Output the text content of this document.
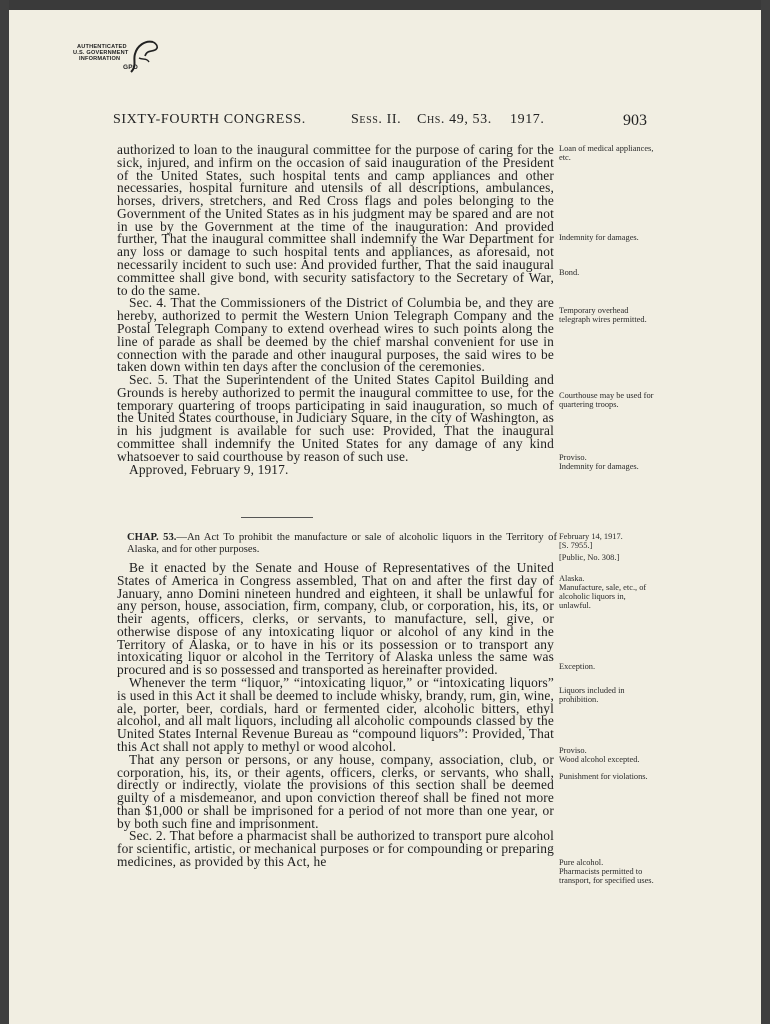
AUTHENTICATED
U.S. GOVERNMENT
INFORMATION
GPO
SIXTY-FOURTH CONGRESS.	Sess. II. Chs. 49, 53. 1917.	903

authorized to loan to the inaugural committee for the purpose of caring for the sick, injured, and infirm on the occasion of said inauguration of the President of the United States, such hospital tents and camp appliances and other necessaries, hospital furniture and utensils of all descriptions, ambulances, horses, drivers, stretchers, and Red Cross flags and poles belonging to the Government of the United States as in his judgment may be spared and are not in use by the Government at the time of the inauguration: And provided further, That the inaugural committee shall indemnify the War Department for any loss or damage to such hospital tents and appliances, as aforesaid, not necessarily incident to such use: And provided further, That the said inaugural committee shall give bond, with security satisfactory to the Secretary of War, to do the same.

Sec. 4. That the Commissioners of the District of Columbia be, and they are hereby, authorized to permit the Western Union Telegraph Company and the Postal Telegraph Company to extend overhead wires to such points along the line of parade as shall be deemed by the chief marshal convenient for use in connection with the parade and other inaugural purposes, the said wires to be taken down within ten days after the conclusion of the ceremonies.

Sec. 5. That the Superintendent of the United States Capitol Building and Grounds is hereby authorized to permit the inaugural committee to use, for the temporary quartering of troops participating in said inauguration, so much of the United States courthouse, in Judiciary Square, in the city of Washington, as in his judgment is available for such use: Provided, That the inaugural committee shall indemnify the United States for any damage of any kind whatsoever to said courthouse by reason of such use.

Approved, February 9, 1917.

CHAP. 53.—An Act To prohibit the manufacture or sale of alcoholic liquors in the Territory of Alaska, and for other purposes.

Be it enacted by the Senate and House of Representatives of the United States of America in Congress assembled, That on and after the first day of January, anno Domini nineteen hundred and eighteen, it shall be unlawful for any person, house, association, firm, company, club, or corporation, his, its, or their agents, officers, clerks, or servants, to manufacture, sell, give, or otherwise dispose of any intoxicating liquor or alcohol of any kind in the Territory of Alaska, or to have in his or its possession or to transport any intoxicating liquor or alcohol in the Territory of Alaska unless the same was procured and is so possessed and transported as hereinafter provided.

Whenever the term “liquor,” “intoxicating liquor,” or “intoxicating liquors” is used in this Act it shall be deemed to include whisky, brandy, rum, gin, wine, ale, porter, beer, cordials, hard or fermented cider, alcoholic bitters, ethyl alcohol, and all malt liquors, including all alcoholic compounds classed by the United States Internal Revenue Bureau as “compound liquors”: Provided, That this Act shall not apply to methyl or wood alcohol.

That any person or persons, or any house, company, association, club, or corporation, his, its, or their agents, officers, clerks, or servants, who shall, directly or indirectly, violate the provisions of this section shall be deemed guilty of a misdemeanor, and upon conviction thereof shall be fined not more than $1,000 or shall be imprisoned for a period of not more than one year, or by both such fine and imprisonment.

Sec. 2. That before a pharmacist shall be authorized to transport pure alcohol for scientific, artistic, or mechanical purposes or for compounding or preparing medicines, as provided by this Act, he

Loan of medical appliances, etc.
Indemnity for damages.
Bond.
Temporary overhead telegraph wires permitted.
Courthouse may be used for quartering troops.
Proviso.
Indemnity for damages.
February 14, 1917.
[S. 7955.]
[Public, No. 308.]
Alaska.
Manufacture, sale, etc., of alcoholic liquors in, unlawful.
Exception.
Liquors included in prohibition.
Proviso.
Wood alcohol excepted.
Punishment for violations.
Pure alcohol.
Pharmacists permitted to transport, for specified uses.
